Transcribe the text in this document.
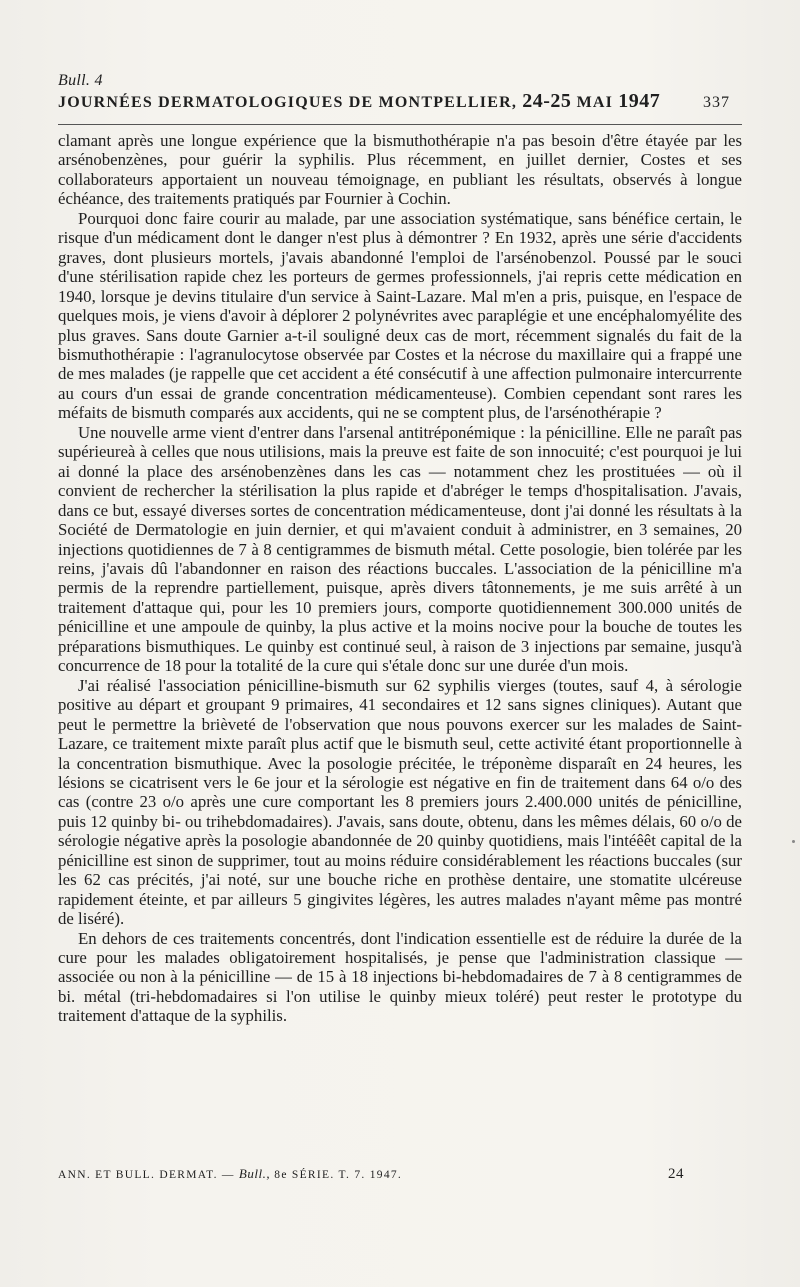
Bull. 4
JOURNÉES DERMATOLOGIQUES DE MONTPELLIER, 24-25 MAI 1947	337

clamant après une longue expérience que la bismuthothérapie n'a pas besoin d'être étayée par les arsénobenzènes, pour guérir la syphilis. Plus récemment, en juillet dernier, Costes et ses collaborateurs apportaient un nouveau témoignage, en publiant les résultats, observés à longue échéance, des traitements pratiqués par Fournier à Cochin.

Pourquoi donc faire courir au malade, par une association systématique, sans bénéfice certain, le risque d'un médicament dont le danger n'est plus à démontrer ? En 1932, après une série d'accidents graves, dont plusieurs mortels, j'avais abandonné l'emploi de l'arsénobenzol. Poussé par le souci d'une stérilisation rapide chez les porteurs de germes professionnels, j'ai repris cette médication en 1940, lorsque je devins titulaire d'un service à Saint-Lazare. Mal m'en a pris, puisque, en l'espace de quelques mois, je viens d'avoir à déplorer 2 polynévrites avec paraplégie et une encéphalomyélite des plus graves. Sans doute Garnier a-t-il souligné deux cas de mort, récemment signalés du fait de la bismuthothérapie : l'agranulocytose observée par Costes et la nécrose du maxillaire qui a frappé une de mes malades (je rappelle que cet accident a été consécutif à une affection pulmonaire intercurrente au cours d'un essai de grande concentration médicamenteuse). Combien cependant sont rares les méfaits de bismuth comparés aux accidents, qui ne se comptent plus, de l'arsénothérapie ?

Une nouvelle arme vient d'entrer dans l'arsenal antitréponémique : la pénicilline. Elle ne paraît pas supérieureà à celles que nous utilisions, mais la preuve est faite de son innocuité; c'est pourquoi je lui ai donné la place des arsénobenzènes dans les cas — notamment chez les prostituées — où il convient de rechercher la stérilisation la plus rapide et d'abréger le temps d'hospitalisation. J'avais, dans ce but, essayé diverses sortes de concentration médicamenteuse, dont j'ai donné les résultats à la Société de Dermatologie en juin dernier, et qui m'avaient conduit à administrer, en 3 semaines, 20 injections quotidiennes de 7 à 8 centigrammes de bismuth métal. Cette posologie, bien tolérée par les reins, j'avais dû l'abandonner en raison des réactions buccales. L'association de la pénicilline m'a permis de la reprendre partiellement, puisque, après divers tâtonnements, je me suis arrêté à un traitement d'attaque qui, pour les 10 premiers jours, comporte quotidiennement 300.000 unités de pénicilline et une ampoule de quinby, la plus active et la moins nocive pour la bouche de toutes les préparations bismuthiques. Le quinby est continué seul, à raison de 3 injections par semaine, jusqu'à concurrence de 18 pour la totalité de la cure qui s'étale donc sur une durée d'un mois.

J'ai réalisé l'association pénicilline-bismuth sur 62 syphilis vierges (toutes, sauf 4, à sérologie positive au départ et groupant 9 primaires, 41 secondaires et 12 sans signes cliniques). Autant que peut le permettre la brièveté de l'observation que nous pouvons exercer sur les malades de Saint-Lazare, ce traitement mixte paraît plus actif que le bismuth seul, cette activité étant proportionnelle à la concentration bismuthique. Avec la posologie précitée, le tréponème disparaît en 24 heures, les lésions se cicatrisent vers le 6e jour et la sérologie est négative en fin de traitement dans 64 o/o des cas (contre 23 o/o après une cure comportant les 8 premiers jours 2.400.000 unités de pénicilline, puis 12 quinby bi- ou trihebdomadaires). J'avais, sans doute, obtenu, dans les mêmes délais, 60 o/o de sérologie négative après la posologie abandonnée de 20 quinby quotidiens, mais l'intéêêt capital de la pénicilline est sinon de supprimer, tout au moins réduire considérablement les réactions buccales (sur les 62 cas précités, j'ai noté, sur une bouche riche en prothèse dentaire, une stomatite ulcéreuse rapidement éteinte, et par ailleurs 5 gingivites légères, les autres malades n'ayant même pas montré de liséré).

En dehors de ces traitements concentrés, dont l'indication essentielle est de réduire la durée de la cure pour les malades obligatoirement hospitalisés, je pense que l'administration classique — associée ou non à la pénicilline — de 15 à 18 injections bi-hebdomadaires de 7 à 8 centigrammes de bi. métal (tri-hebdomadaires si l'on utilise le quinby mieux toléré) peut rester le prototype du traitement d'attaque de la syphilis.

ANN. ET BULL. DERMAT. — Bull., 8e SÉRIE. T. 7. 1947.	24
